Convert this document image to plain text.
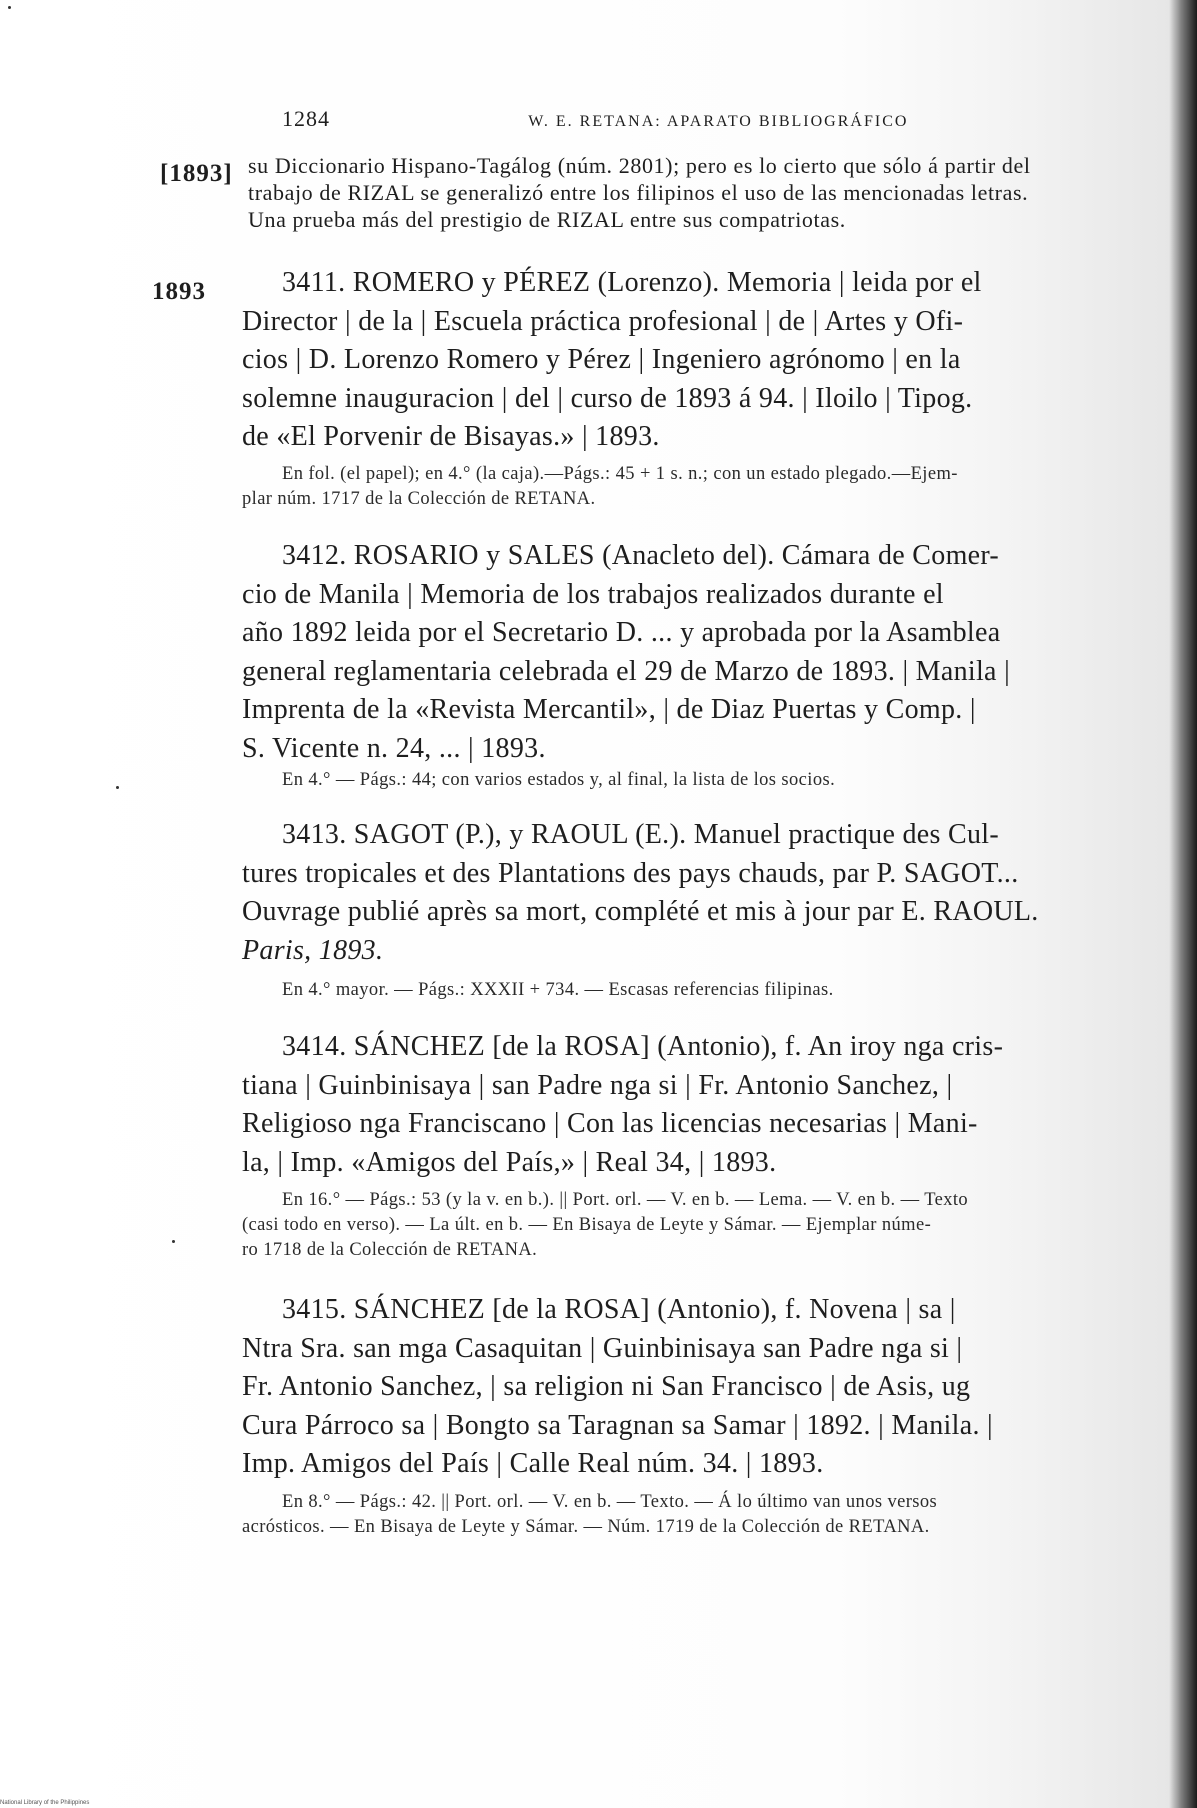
1284	W. E. RETANA: APARATO BIBLIOGRÁFICO
[1893]
1893
su Diccionario Hispano-Tagálog (núm. 2801); pero es lo cierto que sólo á partir del
trabajo de RIZAL se generalizó entre los filipinos el uso de las mencionadas letras.
Una prueba más del prestigio de RIZAL entre sus compatriotas.
3411. ROMERO y PÉREZ (Lorenzo). Memoria | leida por el
Director | de la | Escuela práctica profesional | de | Artes y Ofi-
cios | D. Lorenzo Romero y Pérez | Ingeniero agrónomo | en la
solemne inauguracion | del | curso de 1893 á 94. | Iloilo | Tipog.
de «El Porvenir de Bisayas.» | 1893.
En fol. (el papel); en 4.° (la caja).—Págs.: 45 + 1 s. n.; con un estado plegado.—Ejem-
plar núm. 1717 de la Colección de RETANA.
3412. ROSARIO y SALES (Anacleto del). Cámara de Comer-
cio de Manila | Memoria de los trabajos realizados durante el
año 1892 leida por el Secretario D. ... y aprobada por la Asamblea
general reglamentaria celebrada el 29 de Marzo de 1893. | Manila |
Imprenta de la «Revista Mercantil», | de Diaz Puertas y Comp. |
S. Vicente n. 24, ... | 1893.
En 4.° — Págs.: 44; con varios estados y, al final, la lista de los socios.
3413. SAGOT (P.), y RAOUL (E.). Manuel practique des Cul-
tures tropicales et des Plantations des pays chauds, par P. SAGOT...
Ouvrage publié après sa mort, complété et mis à jour par E. RAOUL.
Paris, 1893.
En 4.° mayor. — Págs.: XXXII + 734. — Escasas referencias filipinas.
3414. SÁNCHEZ [de la ROSA] (Antonio), f. An iroy nga cris-
tiana | Guinbinisaya | san Padre nga si | Fr. Antonio Sanchez, |
Religioso nga Franciscano | Con las licencias necesarias | Mani-
la, | Imp. «Amigos del País,» | Real 34, | 1893.
En 16.° — Págs.: 53 (y la v. en b.). || Port. orl. — V. en b. — Lema. — V. en b. — Texto
(casi todo en verso). — La últ. en b. — En Bisaya de Leyte y Sámar. — Ejemplar núme-
ro 1718 de la Colección de RETANA.
3415. SÁNCHEZ [de la ROSA] (Antonio), f. Novena | sa |
Ntra Sra. san mga Casaquitan | Guinbinisaya san Padre nga si |
Fr. Antonio Sanchez, | sa religion ni San Francisco | de Asis, ug
Cura Párroco sa | Bongto sa Taragnan sa Samar | 1892. | Manila. |
Imp. Amigos del País | Calle Real núm. 34. | 1893.
En 8.° — Págs.: 42. || Port. orl. — V. en b. — Texto. — Á lo último van unos versos
acrósticos. — En Bisaya de Leyte y Sámar. — Núm. 1719 de la Colección de RETANA.
National Library of the Philippines
